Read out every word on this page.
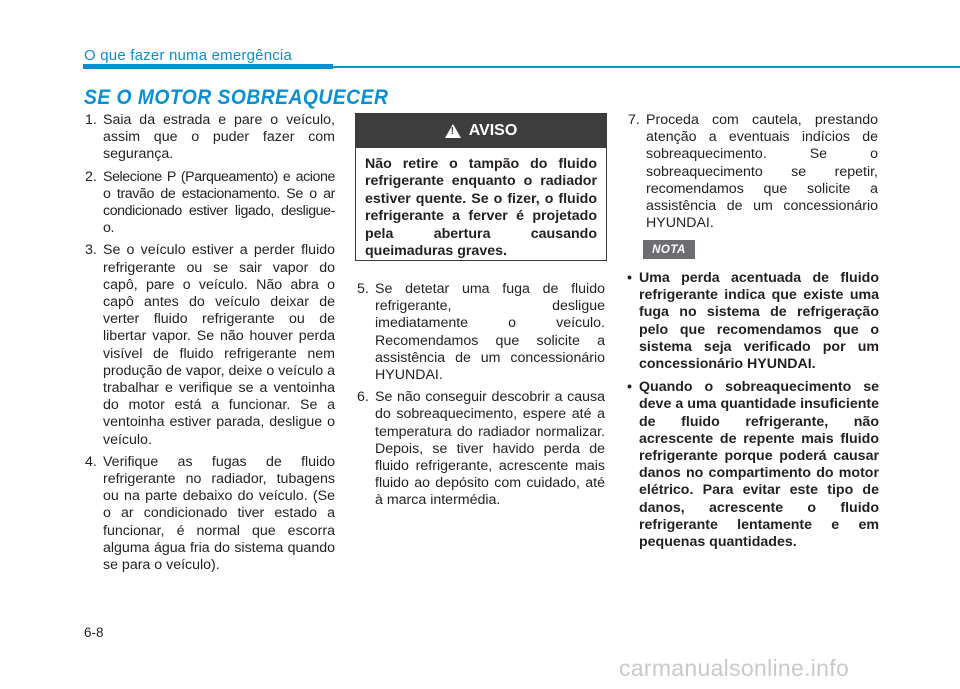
O que fazer numa emergência
SE O MOTOR SOBREAQUECER
1. Saia da estrada e pare o veículo, assim que o puder fazer com segurança.
2. Selecione P (Parqueamento) e acione o travão de estacionamento. Se o ar condicionado estiver ligado, desligue-o.
3. Se o veículo estiver a perder fluido refrigerante ou se sair vapor do capô, pare o veículo. Não abra o capô antes do veículo deixar de verter fluido refrigerante ou de libertar vapor. Se não houver perda visível de fluido refrigerante nem produção de vapor, deixe o veículo a trabalhar e verifique se a ventoinha do motor está a funcionar. Se a ventoinha estiver parada, desligue o veículo.
4. Verifique as fugas de fluido refrigerante no radiador, tubagens ou na parte debaixo do veículo. (Se o ar condicionado tiver estado a funcionar, é normal que escorra alguma água fria do sistema quando se para o veículo).
!
AVISO
Não retire o tampão do fluido refrigerante enquanto o radiador estiver quente. Se o fizer, o fluido refrigerante a ferver é projetado pela abertura causando queimaduras graves.
5. Se detetar uma fuga de fluido refrigerante, desligue imediatamente o veículo. Recomendamos que solicite a assistência de um concessionário HYUNDAI.
6. Se não conseguir descobrir a causa do sobreaquecimento, espere até a temperatura do radiador normalizar. Depois, se tiver havido perda de fluido refrigerante, acrescente mais fluido ao depósito com cuidado, até à marca intermédia.
7. Proceda com cautela, prestando atenção a eventuais indícios de sobreaquecimento. Se o sobreaquecimento se repetir, recomendamos que solicite a assistência de um concessionário HYUNDAI.
NOTA
• Uma perda acentuada de fluido refrigerante indica que existe uma fuga no sistema de refrigeração pelo que recomendamos que o sistema seja verificado por um concessionário HYUNDAI.
• Quando o sobreaquecimento se deve a uma quantidade insuficiente de fluido refrigerante, não acrescente de repente mais fluido refrigerante porque poderá causar danos no compartimento do motor elétrico. Para evitar este tipo de danos, acrescente o fluido refrigerante lentamente e em pequenas quantidades.
6-8
carmanualsonline.info
